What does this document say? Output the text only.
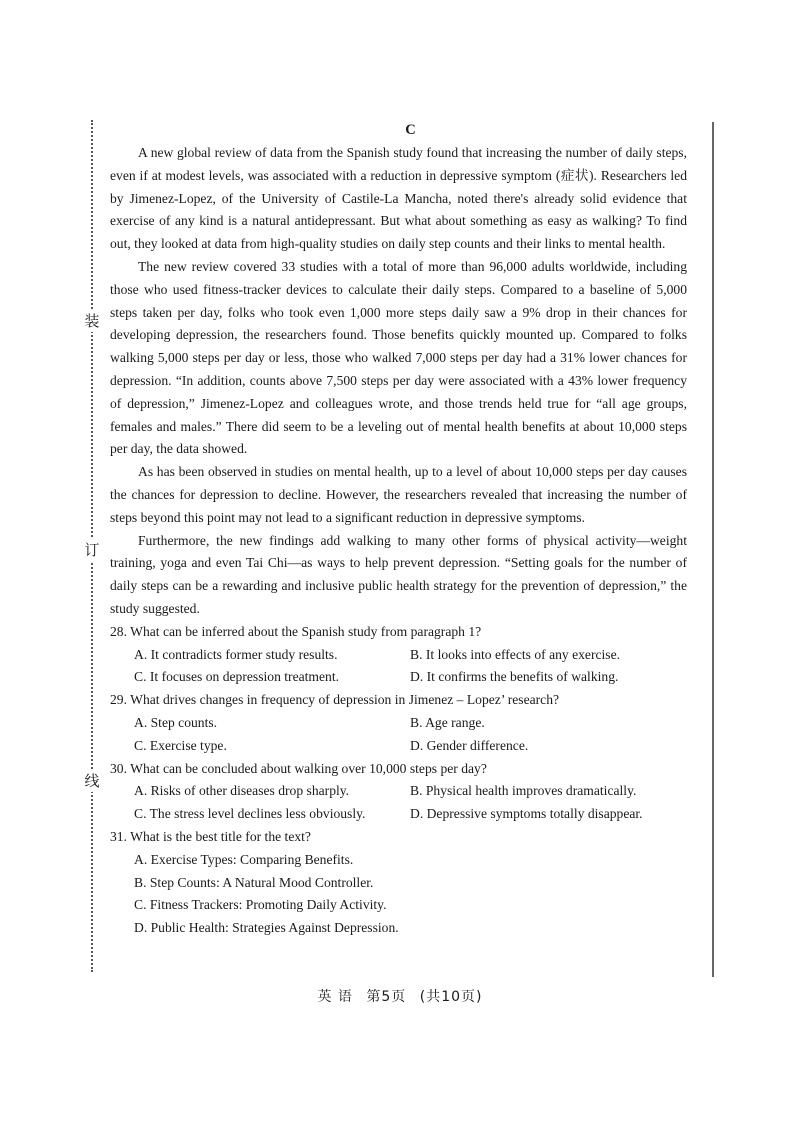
装
订
线
C

A new global review of data from the Spanish study found that increasing the number of daily steps, even if at modest levels, was associated with a reduction in depressive symptom (症状). Researchers led by Jimenez-Lopez, of the University of Castile-La Mancha, noted there's already solid evidence that exercise of any kind is a natural antidepressant. But what about something as easy as walking? To find out, they looked at data from high-quality studies on daily step counts and their links to mental health.

The new review covered 33 studies with a total of more than 96,000 adults worldwide, including those who used fitness-tracker devices to calculate their daily steps. Compared to a baseline of 5,000 steps taken per day, folks who took even 1,000 more steps daily saw a 9% drop in their chances for developing depression, the researchers found. Those benefits quickly mounted up. Compared to folks walking 5,000 steps per day or less, those who walked 7,000 steps per day had a 31% lower chances for depression. “In addition, counts above 7,500 steps per day were associated with a 43% lower frequency of depression,” Jimenez-Lopez and colleagues wrote, and those trends held true for “all age groups, females and males.” There did seem to be a leveling out of mental health benefits at about 10,000 steps per day, the data showed.

As has been observed in studies on mental health, up to a level of about 10,000 steps per day causes the chances for depression to decline. However, the researchers revealed that increasing the number of steps beyond this point may not lead to a significant reduction in depressive symptoms.

Furthermore, the new findings add walking to many other forms of physical activity—weight training, yoga and even Tai Chi—as ways to help prevent depression. “Setting goals for the number of daily steps can be a rewarding and inclusive public health strategy for the prevention of depression,” the study suggested.

28. What can be inferred about the Spanish study from paragraph 1?

A. It contradicts former study results.	B. It looks into effects of any exercise.
C. It focuses on depression treatment.	D. It confirms the benefits of walking.

29. What drives changes in frequency of depression in Jimenez – Lopez’ research?

A. Step counts.	B. Age range.
C. Exercise type.	D. Gender difference.

30. What can be concluded about walking over 10,000 steps per day?

A. Risks of other diseases drop sharply.	B. Physical health improves dramatically.
C. The stress level declines less obviously.	D. Depressive symptoms totally disappear.

31. What is the best title for the text?

A. Exercise Types: Comparing Benefits.
B. Step Counts: A Natural Mood Controller.
C. Fitness Trackers: Promoting Daily Activity.
D. Public Health: Strategies Against Depression.
英 语 第5页 (共10页)
